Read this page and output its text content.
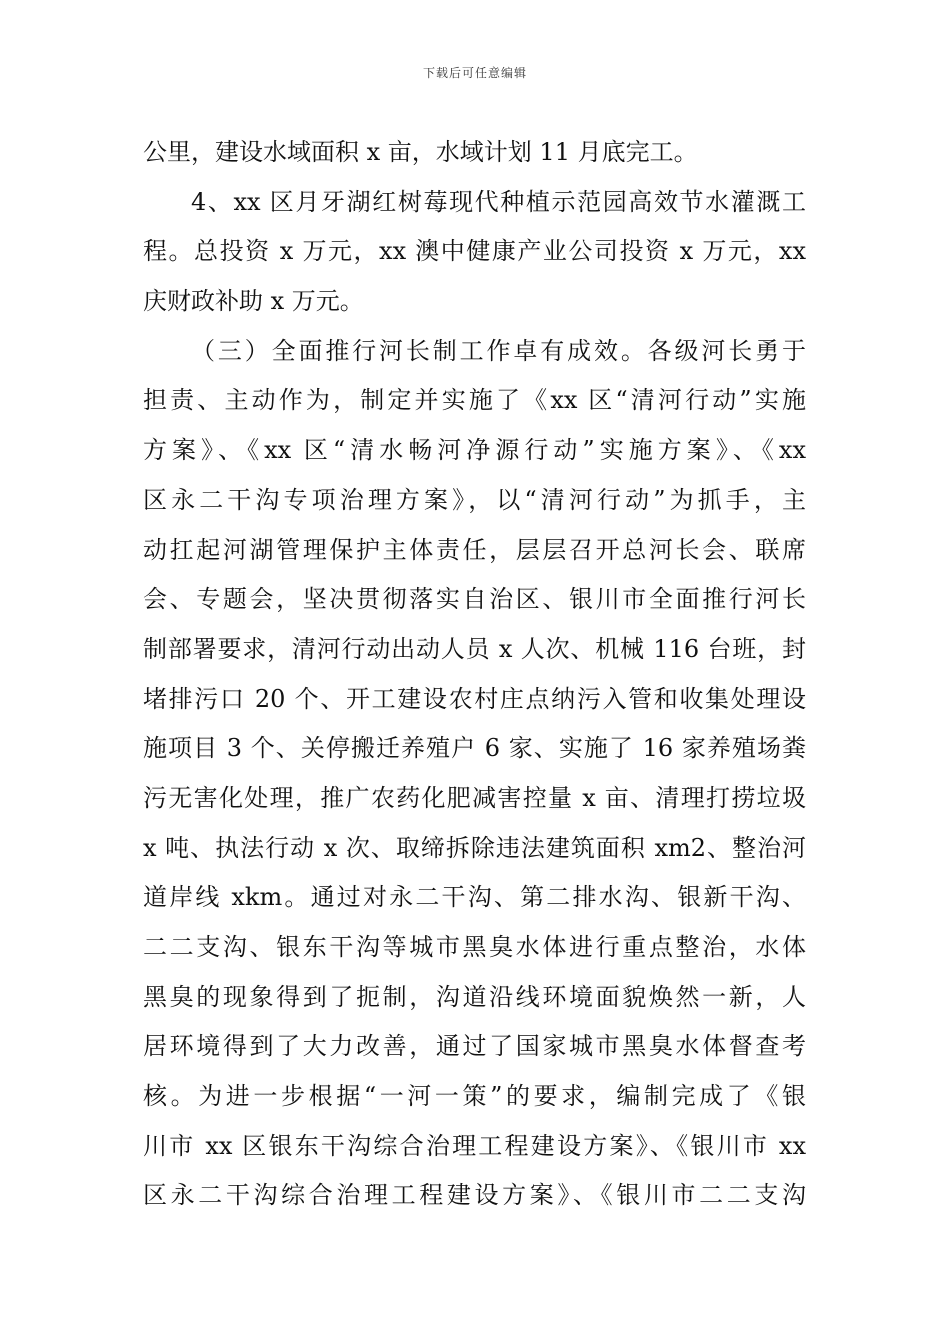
下载后可任意编辑
公里，建设水域面积 x 亩，水域计划 11 月底完工。
4、xx 区月牙湖红树莓现代种植示范园高效节水灌溉工
程。总投资 x 万元，xx 澳中健康产业公司投资 x 万元，xx
庆财政补助 x 万元。
（三）全面推行河长制工作卓有成效。各级河长勇于
担责、主动作为，制定并实施了《xx 区“清河行动”实施
方案》、《xx 区“清水畅河净源行动”实施方案》、《xx
区永二干沟专项治理方案》，以“清河行动”为抓手，主
动扛起河湖管理保护主体责任，层层召开总河长会、联席
会、专题会，坚决贯彻落实自治区、银川市全面推行河长
制部署要求，清河行动出动人员 x 人次、机械 116 台班，封
堵排污口 20 个、开工建设农村庄点纳污入管和收集处理设
施项目 3 个、关停搬迁养殖户 6 家、实施了 16 家养殖场粪
污无害化处理，推广农药化肥减害控量 x 亩、清理打捞垃圾
x 吨、执法行动 x 次、取缔拆除违法建筑面积 xm2、整治河
道岸线 xkm。通过对永二干沟、第二排水沟、银新干沟、
二二支沟、银东干沟等城市黑臭水体进行重点整治，水体
黑臭的现象得到了扼制，沟道沿线环境面貌焕然一新，人
居环境得到了大力改善，通过了国家城市黑臭水体督查考
核。为进一步根据“一河一策”的要求，编制完成了《银
川市 xx 区银东干沟综合治理工程建设方案》、《银川市 xx
区永二干沟综合治理工程建设方案》、《银川市二二支沟
